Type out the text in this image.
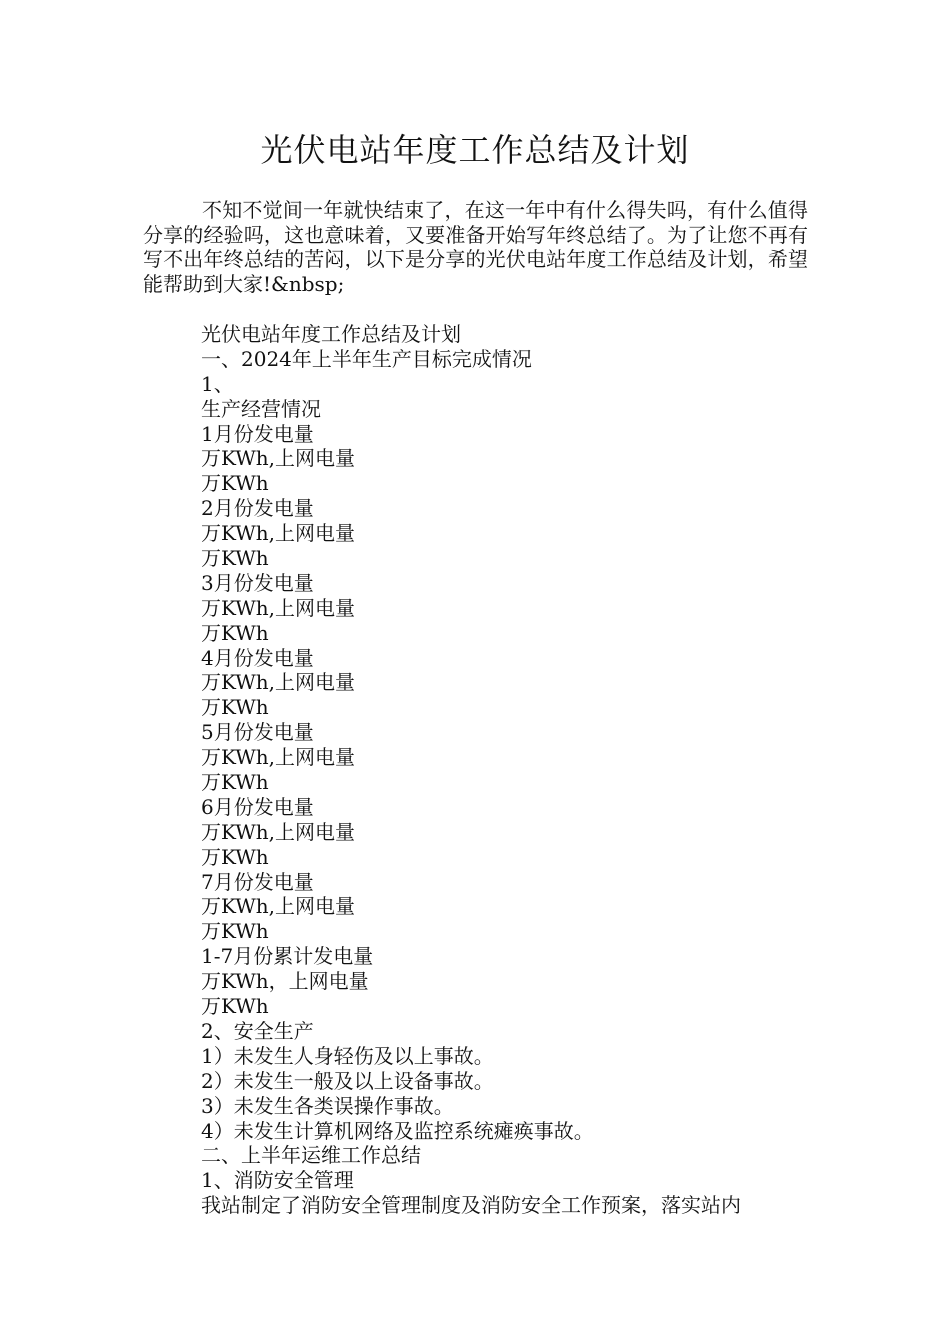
光伏电站年度工作总结及计划

不知不觉间一年就快结束了，在这一年中有什么得失吗，有什么值得分享的经验吗，这也意味着，又要准备开始写年终总结了。为了让您不再有写不出年终总结的苦闷，以下是分享的光伏电站年度工作总结及计划，希望能帮助到大家!&nbsp;

光伏电站年度工作总结及计划
一、2024年上半年生产目标完成情况
1、
生产经营情况
1月份发电量
万KWh,上网电量
万KWh
2月份发电量
万KWh,上网电量
万KWh
3月份发电量
万KWh,上网电量
万KWh
4月份发电量
万KWh,上网电量
万KWh
5月份发电量
万KWh,上网电量
万KWh
6月份发电量
万KWh,上网电量
万KWh
7月份发电量
万KWh,上网电量
万KWh
1-7月份累计发电量
万KWh，上网电量
万KWh
2、安全生产
1）未发生人身轻伤及以上事故。
2）未发生一般及以上设备事故。
3）未发生各类误操作事故。
4）未发生计算机网络及监控系统瘫痪事故。
二、上半年运维工作总结
1、消防安全管理
我站制定了消防安全管理制度及消防安全工作预案，落实站内
